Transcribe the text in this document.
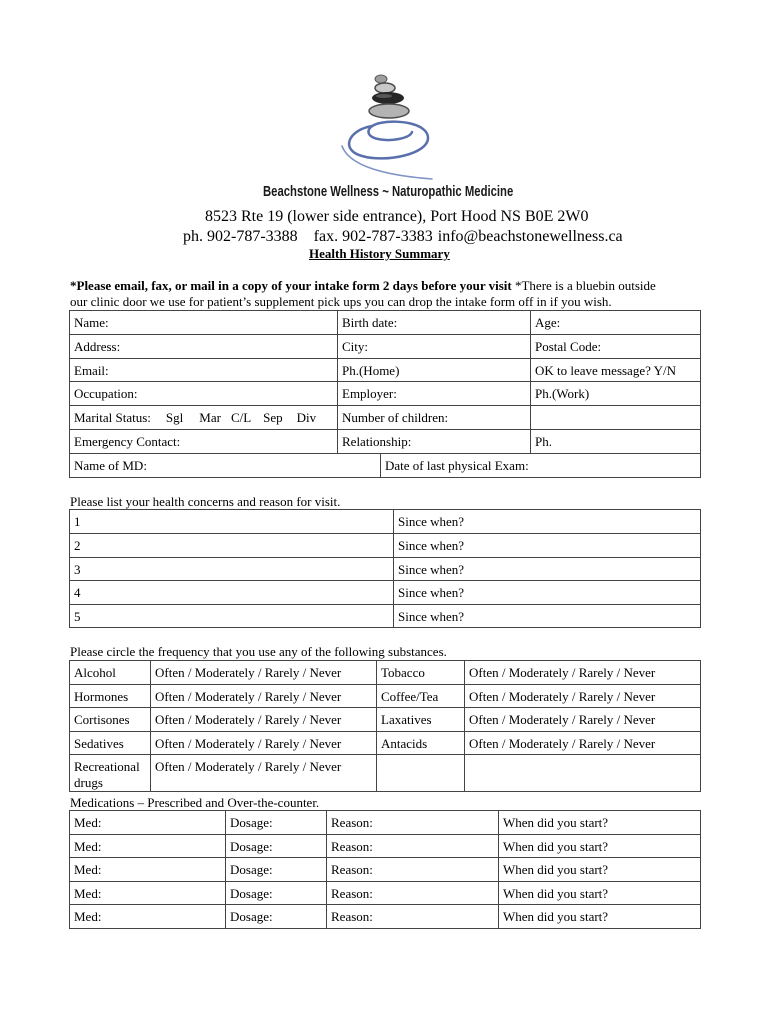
Beachstone Wellness ~ Naturopathic Medicine
8523 Rte 19 (lower side entrance), Port Hood NS B0E 2W0
ph. 902-787-3388 fax. 902-787-3383 info@beachstonewellness.ca
Health History Summary
*Please email, fax, or mail in a copy of your intake form 2 days before your visit *There is a bluebin outside
our clinic door we use for patient’s supplement pick ups you can drop the intake form off in if you wish.
Name:	Birth date:		Age:
Address:	City:		Postal Code:
Email:	Ph.(Home)		OK to leave message? Y/N
Occupation:	Employer:		Ph.(Work)
Marital Status: Sgl Mar C/L Sep Div	Number of children:		
Emergency Contact:	Relationship:		Ph.
Name of MD:		Date of last physical Exam:	
Please list your health concerns and reason for visit.
1	Since when?
2	Since when?
3	Since when?
4	Since when?
5	Since when?
Please circle the frequency that you use any of the following substances.
Alcohol	Often / Moderately / Rarely / Never	Tobacco	Often / Moderately / Rarely / Never
Hormones	Often / Moderately / Rarely / Never	Coffee/Tea	Often / Moderately / Rarely / Never
Cortisones	Often / Moderately / Rarely / Never	Laxatives	Often / Moderately / Rarely / Never
Sedatives	Often / Moderately / Rarely / Never	Antacids	Often / Moderately / Rarely / Never
Recreational drugs	Often / Moderately / Rarely / Never		
Medications – Prescribed and Over-the-counter.
Med:	Dosage:	Reason:	When did you start?
Med:	Dosage:	Reason:	When did you start?
Med:	Dosage:	Reason:	When did you start?
Med:	Dosage:	Reason:	When did you start?
Med:	Dosage:	Reason:	When did you start?
